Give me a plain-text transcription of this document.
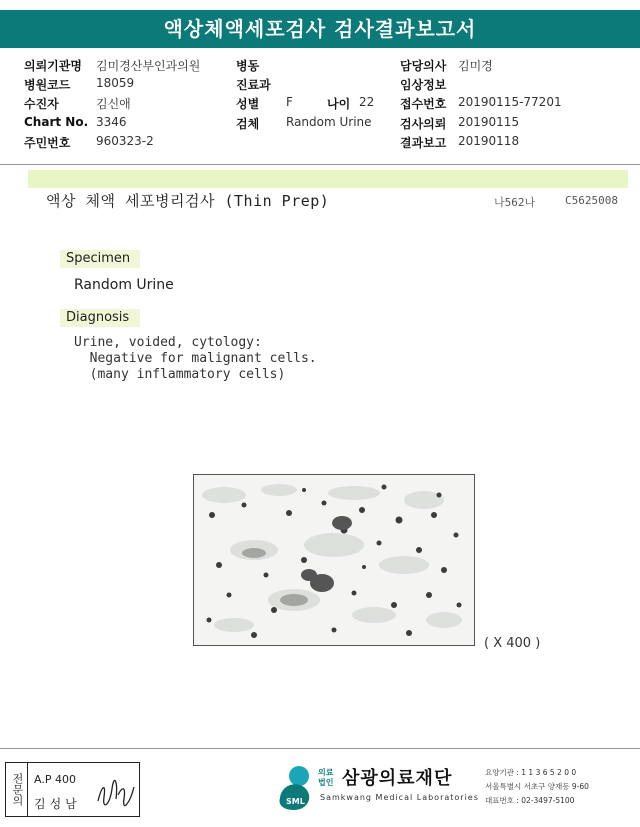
액상체액세포검사 검사결과보고서
의뢰기관명 김미경산부인과의원
병원코드 18059
수진자	김신애
Chart No. 3346
주민번호 960323-2
병동
진료과
성별 F	나이 22
검체 Random Urine
담당의사 김미경
임상정보
접수번호 20190115-77201
검사의뢰 20190115
결과보고 20190118
액상 체액 세포병리검사 (Thin Prep)	나562나	C5625008
Specimen
Random Urine
Diagnosis
Urine, voided, cytology:
Negative for malignant cells.
(many inflammatory cells)
( X 400 )
전문의 A.P 400
김성남	SML
의료
법인 삼광의료재단
Samkwang Medical Laboratories
요양기관 : 1 1 3 6 5 2 0 0
서울특별시 서초구 양재동 9-60
대표번호 : 02-3497-5100
